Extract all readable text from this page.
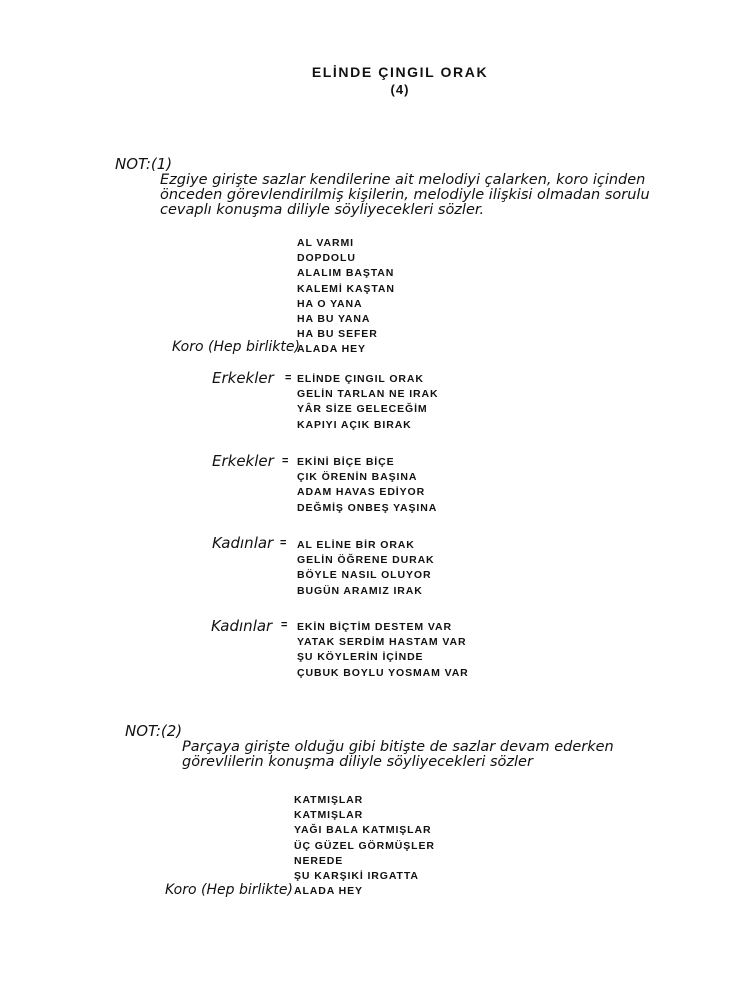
ELİNDE ÇINGIL ORAK
(4)
NOT:(1)
Ezgiye girişte sazlar kendilerine ait melodiyi çalarken, koro içinden
önceden görevlendirilmiş kişilerin, melodiyle ilişkisi olmadan sorulu
cevaplı konuşma diliyle söyliyecekleri sözler.
AL VARMI
DOPDOLU
ALALIM BAŞTAN
KALEMİ KAŞTAN
HA O YANA
HA BU YANA
HA BU SEFER
ALADA HEY
Koro (Hep birlikte)
Erkekler = ELİNDE ÇINGIL ORAK
GELİN TARLAN NE IRAK
YÂR SİZE GELECEĞİM
KAPIYI AÇIK BIRAK
Erkekler = EKİNİ BİÇE BİÇE
ÇIK ÖRENİN BAŞINA
ADAM HAVAS EDİYOR
DEĞMİŞ ONBEŞ YAŞINA
Kadınlar = AL ELİNE BİR ORAK
GELİN ÖĞRENE DURAK
BÖYLE NASIL OLUYOR
BUGÜN ARAMIZ IRAK
Kadınlar = EKİN BİÇTİM DESTEM VAR
YATAK SERDİM HASTAM VAR
ŞU KÖYLERİN İÇİNDE
ÇUBUK BOYLU YOSMAM VAR
NOT:(2)
Parçaya girişte olduğu gibi bitişte de sazlar devam ederken
görevlilerin konuşma diliyle söyliyecekleri sözler
KATMIŞLAR
KATMIŞLAR
YAĞI BALA KATMIŞLAR
ÜÇ GÜZEL GÖRMÜŞLER
NEREDE
ŞU KARŞIKİ IRGATTA
ALADA HEY
Koro (Hep birlikte)
